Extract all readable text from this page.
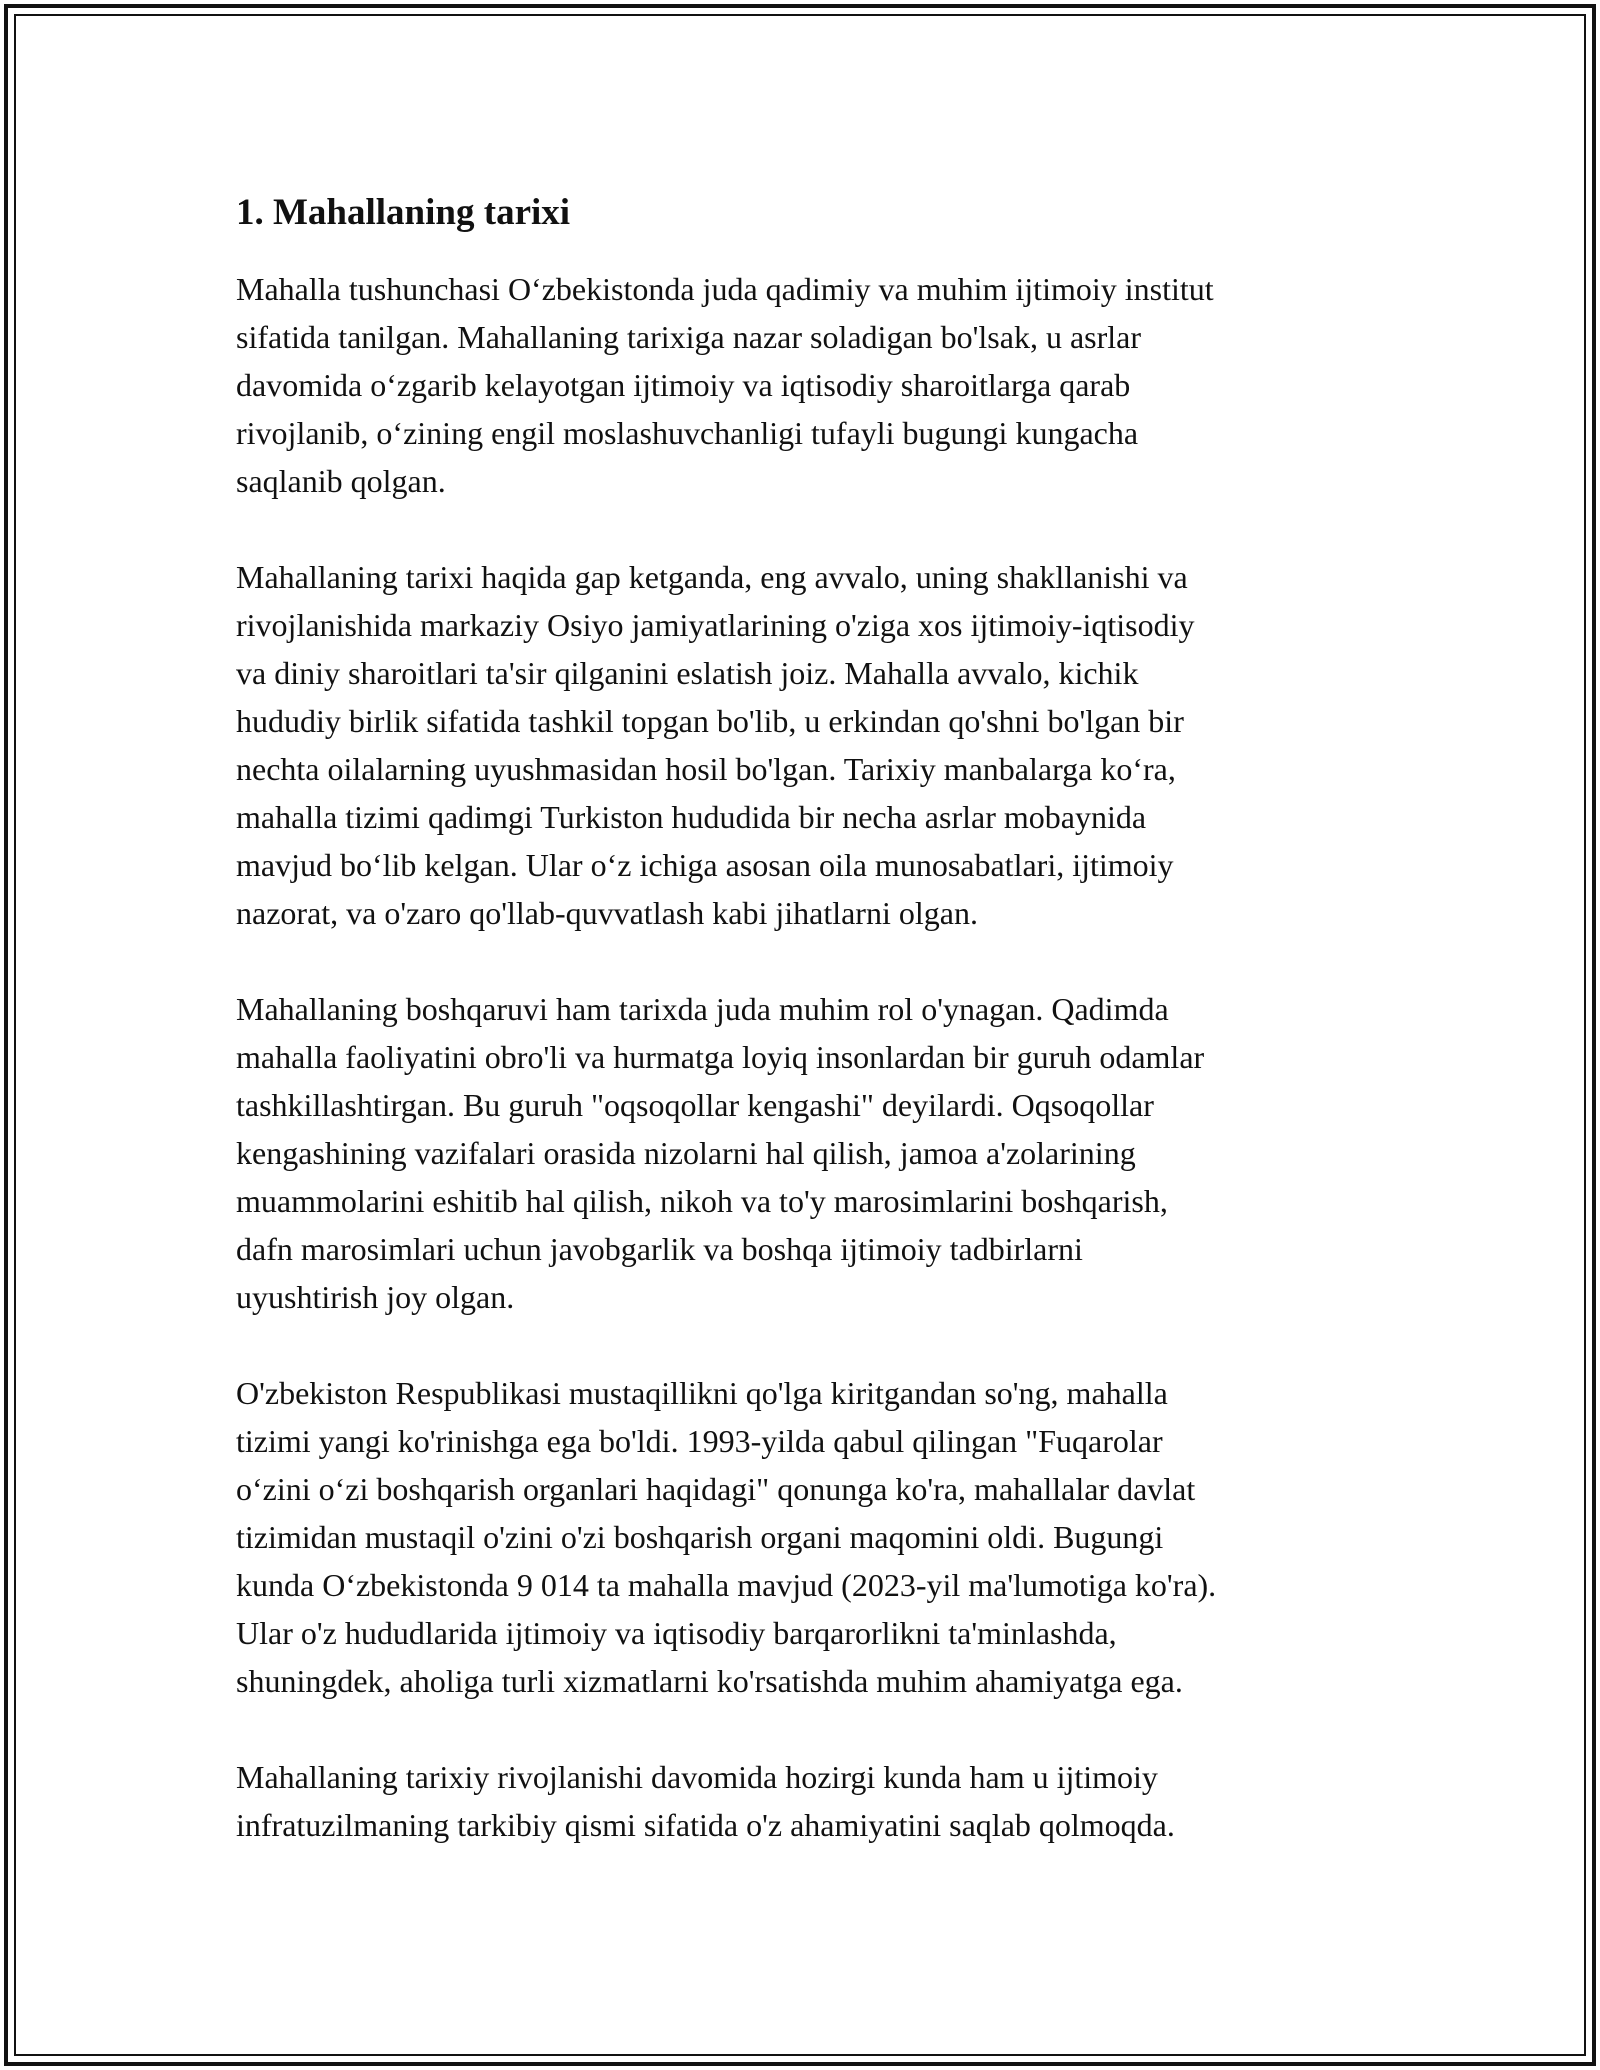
1. Mahallaning tarixi

Mahalla tushunchasi O‘zbekistonda juda qadimiy va muhim ijtimoiy institut
sifatida tanilgan. Mahallaning tarixiga nazar soladigan bo'lsak, u asrlar
davomida o‘zgarib kelayotgan ijtimoiy va iqtisodiy sharoitlarga qarab
rivojlanib, o‘zining engil moslashuvchanligi tufayli bugungi kungacha
saqlanib qolgan.

Mahallaning tarixi haqida gap ketganda, eng avvalo, uning shakllanishi va
rivojlanishida markaziy Osiyo jamiyatlarining o'ziga xos ijtimoiy-iqtisodiy
va diniy sharoitlari ta'sir qilganini eslatish joiz. Mahalla avvalo, kichik
hududiy birlik sifatida tashkil topgan bo'lib, u erkindan qo'shni bo'lgan bir
nechta oilalarning uyushmasidan hosil bo'lgan. Tarixiy manbalarga ko‘ra,
mahalla tizimi qadimgi Turkiston hududida bir necha asrlar mobaynida
mavjud bo‘lib kelgan. Ular o‘z ichiga asosan oila munosabatlari, ijtimoiy
nazorat, va o'zaro qo'llab-quvvatlash kabi jihatlarni olgan.

Mahallaning boshqaruvi ham tarixda juda muhim rol o'ynagan. Qadimda
mahalla faoliyatini obro'li va hurmatga loyiq insonlardan bir guruh odamlar
tashkillashtirgan. Bu guruh "oqsoqollar kengashi" deyilardi. Oqsoqollar
kengashining vazifalari orasida nizolarni hal qilish, jamoa a'zolarining
muammolarini eshitib hal qilish, nikoh va to'y marosimlarini boshqarish,
dafn marosimlari uchun javobgarlik va boshqa ijtimoiy tadbirlarni
uyushtirish joy olgan.

O'zbekiston Respublikasi mustaqillikni qo'lga kiritgandan so'ng, mahalla
tizimi yangi ko'rinishga ega bo'ldi. 1993-yilda qabul qilingan "Fuqarolar
o‘zini o‘zi boshqarish organlari haqidagi" qonunga ko'ra, mahallalar davlat
tizimidan mustaqil o'zini o'zi boshqarish organi maqomini oldi. Bugungi
kunda O‘zbekistonda 9 014 ta mahalla mavjud (2023-yil ma'lumotiga ko'ra).
Ular o'z hududlarida ijtimoiy va iqtisodiy barqarorlikni ta'minlashda,
shuningdek, aholiga turli xizmatlarni ko'rsatishda muhim ahamiyatga ega.

Mahallaning tarixiy rivojlanishi davomida hozirgi kunda ham u ijtimoiy
infratuzilmaning tarkibiy qismi sifatida o'z ahamiyatini saqlab qolmoqda.
